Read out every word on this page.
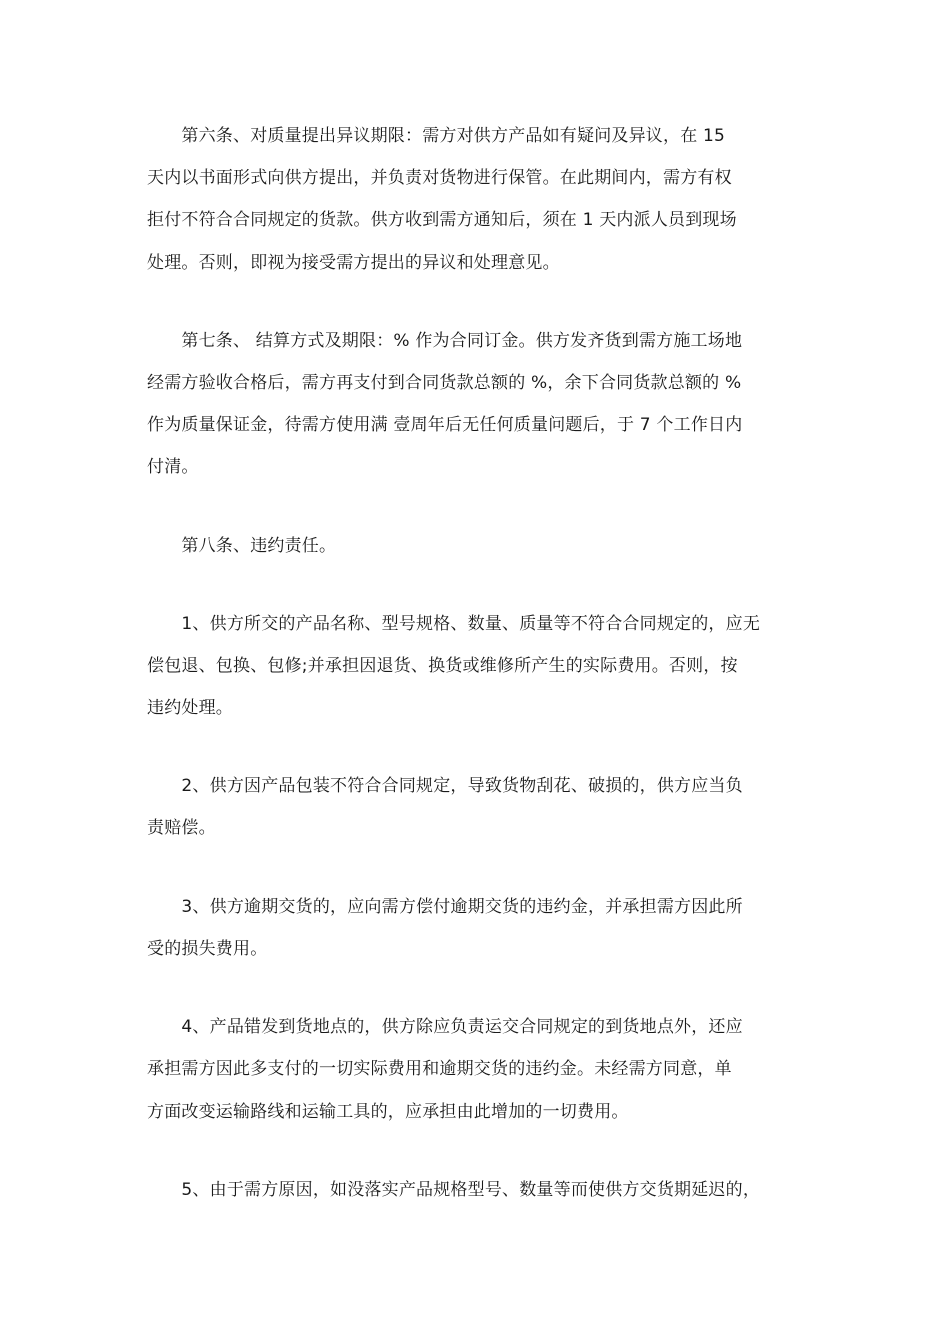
　　第六条、对质量提出异议期限：需方对供方产品如有疑问及异议，在 15
天内以书面形式向供方提出，并负责对货物进行保管。在此期间内，需方有权
拒付不符合合同规定的货款。供方收到需方通知后，须在 1 天内派人员到现场
处理。否则，即视为接受需方提出的异议和处理意见。
　　第七条、 结算方式及期限：% 作为合同订金。供方发齐货到需方施工场地
经需方验收合格后，需方再支付到合同货款总额的 %，余下合同货款总额的 %
作为质量保证金，待需方使用满 壹周年后无任何质量问题后，于 7 个工作日内
付清。
　　第八条、违约责任。
　　1、供方所交的产品名称、型号规格、数量、质量等不符合合同规定的，应无
偿包退、包换、包修;并承担因退货、换货或维修所产生的实际费用。否则，按
违约处理。
　　2、供方因产品包装不符合合同规定，导致货物刮花、破损的，供方应当负
责赔偿。
　　3、供方逾期交货的，应向需方偿付逾期交货的违约金，并承担需方因此所
受的损失费用。
　　4、产品错发到货地点的，供方除应负责运交合同规定的到货地点外，还应
承担需方因此多支付的一切实际费用和逾期交货的违约金。未经需方同意，单
方面改变运输路线和运输工具的，应承担由此增加的一切费用。
　　5、由于需方原因，如没落实产品规格型号、数量等而使供方交货期延迟的，
